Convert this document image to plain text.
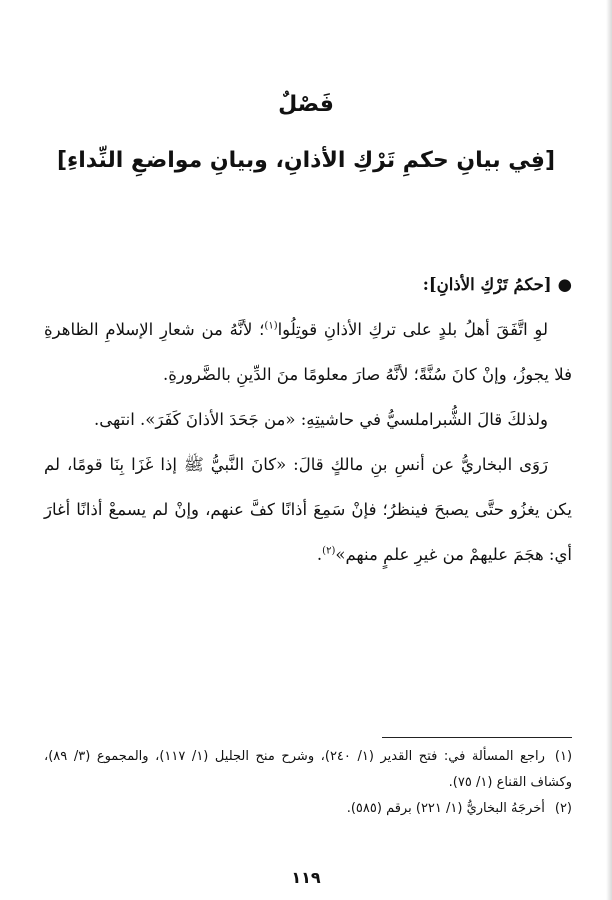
فَصْلٌ
[فِي بيانِ حكمِ تَرْكِ الأذانِ، وبيانِ مواضعِ النِّداءِ]

●[حكمُ تَرْكِ الأذانِ]:

لوِ اتَّفَقَ أهلُ بلدٍ على تركِ الأذانِ قوتِلُوا$^{(١)}$؛ لأنَّهُ من شعارِ الإسلامِ الظاهرةِ فلا يجوزُ، وإنْ كانَ سُنَّةً؛ لأنَّهُ صارَ معلومًا منَ الدِّينِ بالضَّرورةِ.

ولذلكَ قالَ الشُّبراملسيُّ في حاشيتِهِ: «من جَحَدَ الأذانَ كَفَرَ». انتهى.

رَوَى البخاريُّ عن أنسِ بنِ مالكٍ قالَ: «كانَ النَّبيُّ ﷺ إذا غَزَا بِنَا قومًا، لم يكن يغزُو حتَّى يصبحَ فينظرُ؛ فإنْ سَمِعَ أذانًا كفَّ عنهم، وإنْ لم يسمعْ أذانًا أغارَ أي: هجَمَ عليهمْ من غيرِ علمٍ منهم»$^{(٢)}$.

(١)راجع المسألة في: فتح القدير (١/ ٢٤٠)، وشرح منح الجليل (١/ ١١٧)، والمجموع (٣/ ٨٩)، وكشاف القناع (١/ ٧٥).

(٢)أخرجَهُ البخاريُّ (١/ ٢٢١) برقم (٥٨٥).

١١٩
